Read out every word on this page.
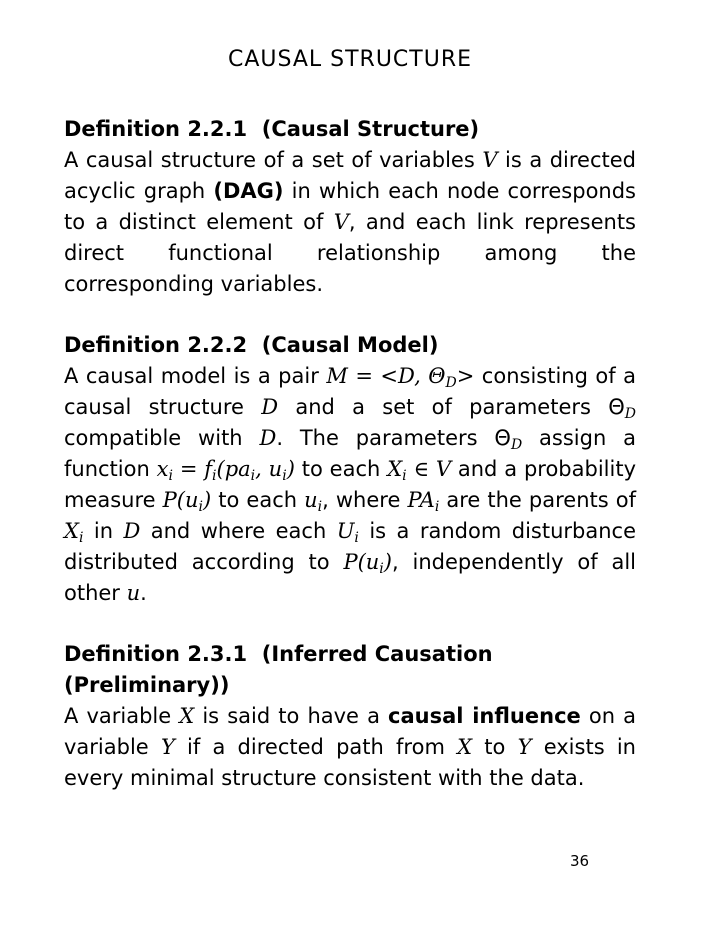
CAUSAL STRUCTURE

Definition 2.2.1 (Causal Structure)

A causal structure of a set of variables V is a directed acyclic graph (DAG) in which each node corresponds to a distinct element of V, and each link represents direct functional relationship among the corresponding variables.

Definition 2.2.2 (Causal Model)

A causal model is a pair M = <D, $\Theta_D>$ consisting of a causal structure D and a set of parameters $\Theta_D$ compatible with D. The parameters $\Theta_D$ assign a function $x_i = f_i(pa_i$, $u_i$) to each $X_i$ ∈ V and a probability measure $P(u_i)$ to each $u_i$, where $PA_i$ are the parents of $X_i$ in D and where each $U_i$ is a random disturbance distributed according to $P(u_i)$, independently of all other u.

Definition 2.3.1 (Inferred Causation (Preliminary))

A variable X is said to have a causal influence on a variable Y if a directed path from X to Y exists in every minimal structure consistent with the data.

36
